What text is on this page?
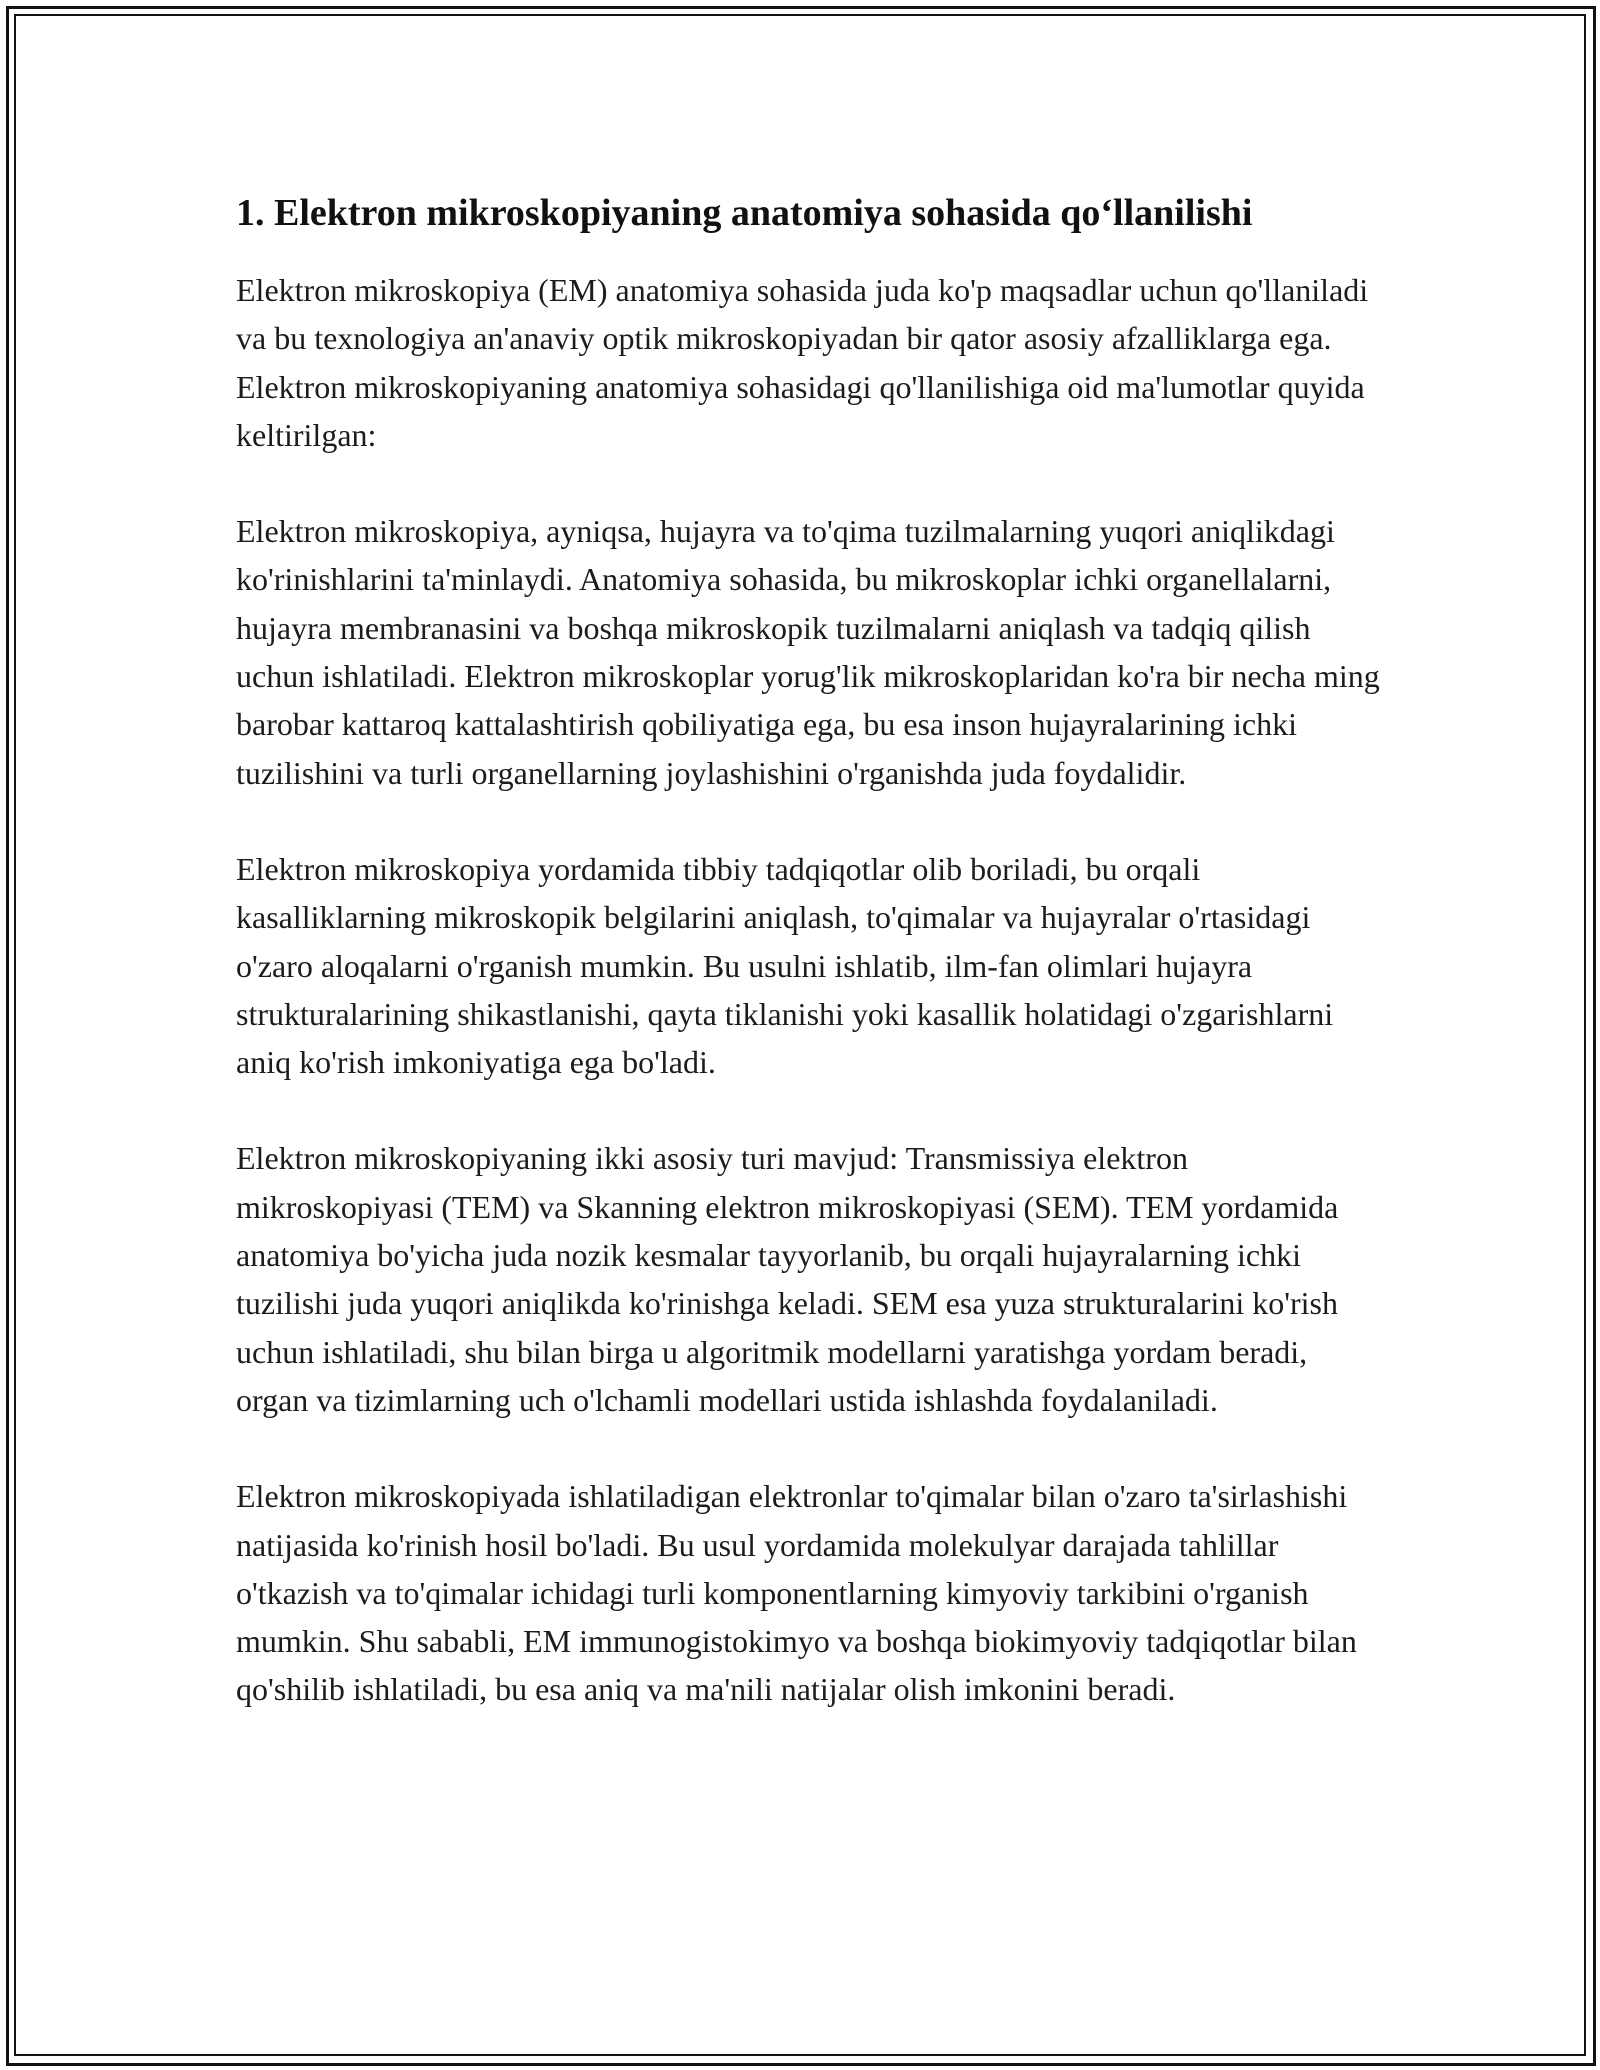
1. Elektron mikroskopiyaning anatomiya sohasida qo‘llanilishi

Elektron mikroskopiya (EM) anatomiya sohasida juda ko'p maqsadlar uchun qo'llaniladi va bu texnologiya an'anaviy optik mikroskopiyadan bir qator asosiy afzalliklarga ega. Elektron mikroskopiyaning anatomiya sohasidagi qo'llanilishiga oid ma'lumotlar quyida keltirilgan:

Elektron mikroskopiya, ayniqsa, hujayra va to'qima tuzilmalarning yuqori aniqlikdagi ko'rinishlarini ta'minlaydi. Anatomiya sohasida, bu mikroskoplar ichki organellalarni, hujayra membranasini va boshqa mikroskopik tuzilmalarni aniqlash va tadqiq qilish uchun ishlatiladi. Elektron mikroskoplar yorug'lik mikroskoplaridan ko'ra bir necha ming barobar kattaroq kattalashtirish qobiliyatiga ega, bu esa inson hujayralarining ichki tuzilishini va turli organellarning joylashishini o'rganishda juda foydalidir.

Elektron mikroskopiya yordamida tibbiy tadqiqotlar olib boriladi, bu orqali kasalliklarning mikroskopik belgilarini aniqlash, to'qimalar va hujayralar o'rtasidagi o'zaro aloqalarni o'rganish mumkin. Bu usulni ishlatib, ilm-fan olimlari hujayra strukturalarining shikastlanishi, qayta tiklanishi yoki kasallik holatidagi o'zgarishlarni aniq ko'rish imkoniyatiga ega bo'ladi.

Elektron mikroskopiyaning ikki asosiy turi mavjud: Transmissiya elektron mikroskopiyasi (TEM) va Skanning elektron mikroskopiyasi (SEM). TEM yordamida anatomiya bo'yicha juda nozik kesmalar tayyorlanib, bu orqali hujayralarning ichki tuzilishi juda yuqori aniqlikda ko'rinishga keladi. SEM esa yuza strukturalarini ko'rish uchun ishlatiladi, shu bilan birga u algoritmik modellarni yaratishga yordam beradi, organ va tizimlarning uch o'lchamli modellari ustida ishlashda foydalaniladi.

Elektron mikroskopiyada ishlatiladigan elektronlar to'qimalar bilan o'zaro ta'sirlashishi natijasida ko'rinish hosil bo'ladi. Bu usul yordamida molekulyar darajada tahlillar o'tkazish va to'qimalar ichidagi turli komponentlarning kimyoviy tarkibini o'rganish mumkin. Shu sababli, EM immunogistokimyo va boshqa biokimyoviy tadqiqotlar bilan qo'shilib ishlatiladi, bu esa aniq va ma'nili natijalar olish imkonini beradi.
